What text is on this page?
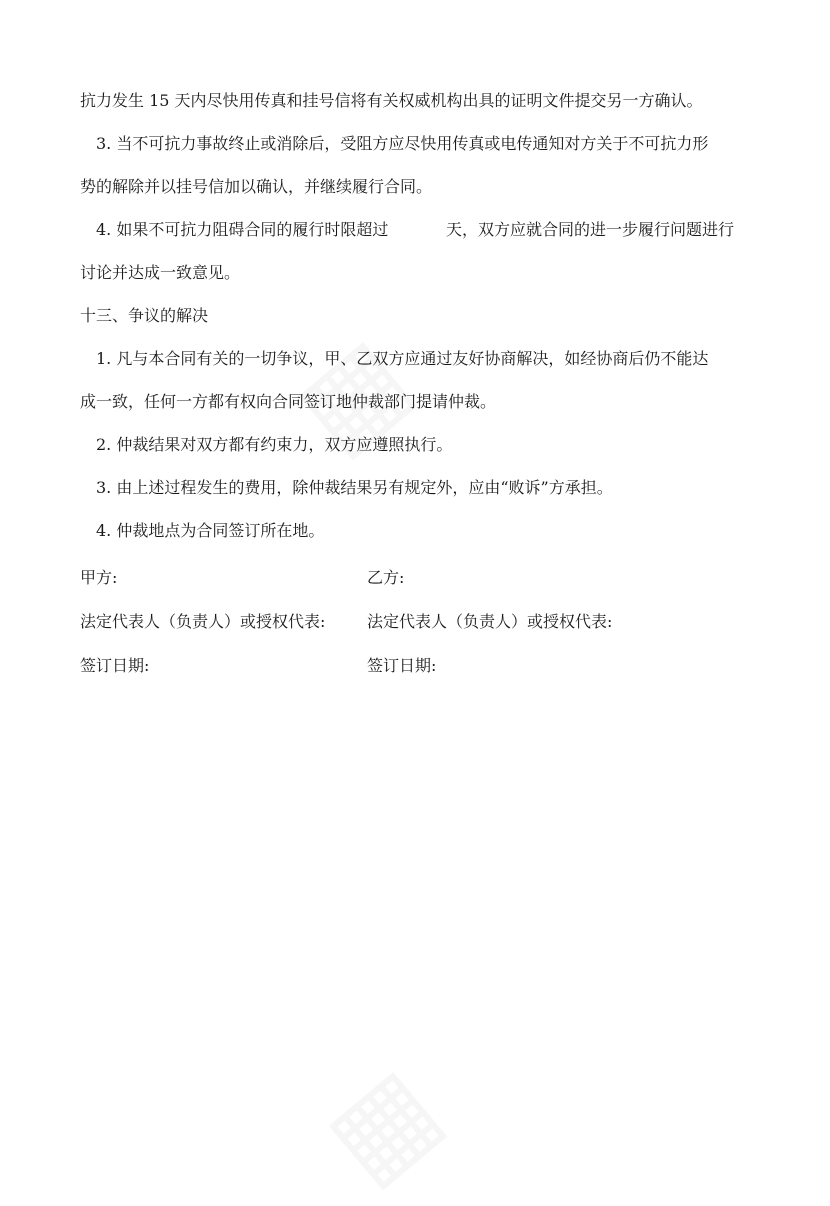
抗力发生 15 天内尽快用传真和挂号信将有关权威机构出具的证明文件提交另一方确认。
3. 当不可抗力事故终止或消除后，受阻方应尽快用传真或电传通知对方关于不可抗力形
势的解除并以挂号信加以确认，并继续履行合同。
4. 如果不可抗力阻碍合同的履行时限超过	天，双方应就合同的进一步履行问题进行
讨论并达成一致意见。
十三、争议的解决
1. 凡与本合同有关的一切争议，甲、乙双方应通过友好协商解决，如经协商后仍不能达
成一致，任何一方都有权向合同签订地仲裁部门提请仲裁。
2. 仲裁结果对双方都有约束力，双方应遵照执行。
3. 由上述过程发生的费用，除仲裁结果另有规定外，应由“败诉”方承担。
4. 仲裁地点为合同签订所在地。
甲方:	乙方:
法定代表人（负责人）或授权代表:	法定代表人（负责人）或授权代表:
签订日期:	签订日期:
